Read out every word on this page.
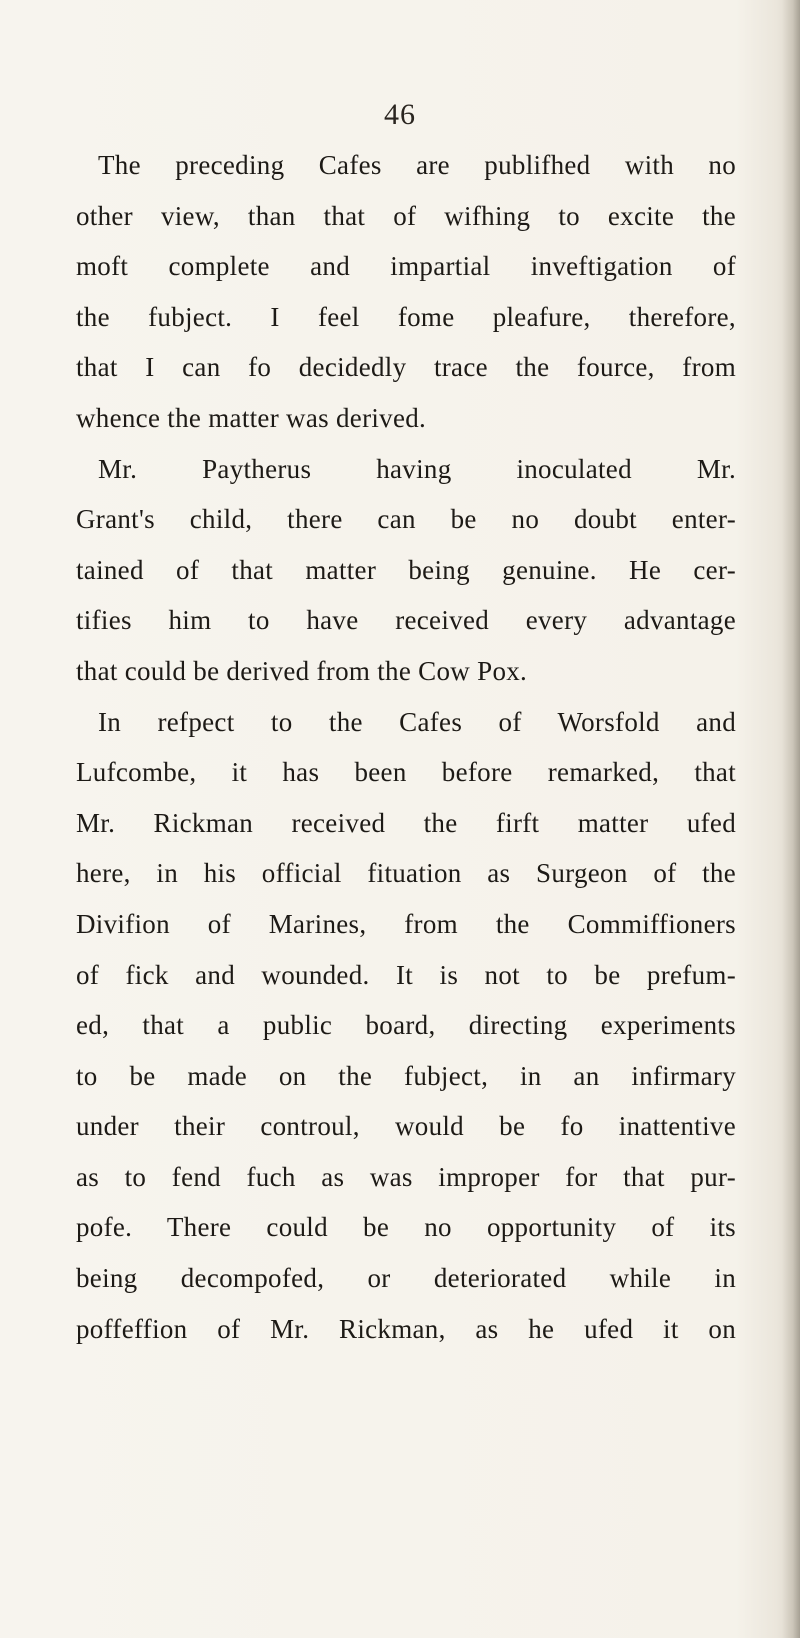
46
The preceding Cafes are publifhed with no
other view, than that of wifhing to excite the
moft complete and impartial inveftigation of
the fubject. I feel fome pleafure, therefore,
that I can fo decidedly trace the fource, from
whence the matter was derived.
Mr. Paytherus having inoculated Mr.
Grant's child, there can be no doubt enter-
tained of that matter being genuine. He cer-
tifies him to have received every advantage
that could be derived from the Cow Pox.
In refpect to the Cafes of Worsfold and
Lufcombe, it has been before remarked, that
Mr. Rickman received the firft matter ufed
here, in his official fituation as Surgeon of the
Divifion of Marines, from the Commiffioners
of fick and wounded. It is not to be prefum-
ed, that a public board, directing experiments
to be made on the fubject, in an infirmary
under their controul, would be fo inattentive
as to fend fuch as was improper for that pur-
pofe. There could be no opportunity of its
being decompofed, or deteriorated while in
poffeffion of Mr. Rickman, as he ufed it on
